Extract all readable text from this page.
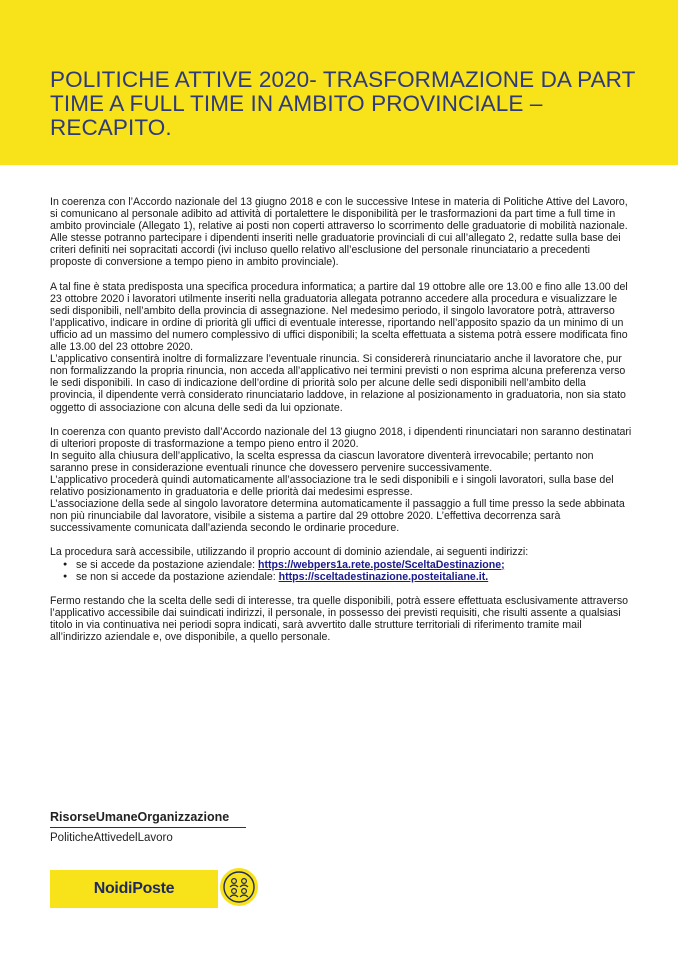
POLITICHE ATTIVE 2020- TRASFORMAZIONE DA PART TIME A FULL TIME IN AMBITO PROVINCIALE – RECAPITO.

In coerenza con l’Accordo nazionale del 13 giugno 2018 e con le successive Intese in materia di Politiche Attive del Lavoro, si comunicano al personale adibito ad attività di portalettere le disponibilità per le trasformazioni da part time a full time in ambito provinciale (Allegato 1), relative ai posti non coperti attraverso lo scorrimento delle graduatorie di mobilità nazionale. Alle stesse potranno partecipare i dipendenti inseriti nelle graduatorie provinciali di cui all’allegato 2, redatte sulla base dei criteri definiti nei sopracitati accordi (ivi incluso quello relativo all’esclusione del personale rinunciatario a precedenti proposte di conversione a tempo pieno in ambito provinciale).

A tal fine è stata predisposta una specifica procedura informatica; a partire dal 19 ottobre alle ore 13.00 e fino alle 13.00 del 23 ottobre 2020 i lavoratori utilmente inseriti nella graduatoria allegata potranno accedere alla procedura e visualizzare le sedi disponibili, nell’ambito della provincia di assegnazione. Nel medesimo periodo, il singolo lavoratore potrà, attraverso l’applicativo, indicare in ordine di priorità gli uffici di eventuale interesse, riportando nell’apposito spazio da un minimo di un ufficio ad un massimo del numero complessivo di uffici disponibili; la scelta effettuata a sistema potrà essere modificata fino alle 13.00 del 23 ottobre 2020.

L’applicativo consentirà inoltre di formalizzare l’eventuale rinuncia. Si considererà rinunciatario anche il lavoratore che, pur non formalizzando la propria rinuncia, non acceda all’applicativo nei termini previsti o non esprima alcuna preferenza verso le sedi disponibili. In caso di indicazione dell’ordine di priorità solo per alcune delle sedi disponibili nell’ambito della provincia, il dipendente verrà considerato rinunciatario laddove, in relazione al posizionamento in graduatoria, non sia stato oggetto di associazione con alcuna delle sedi da lui opzionate.

In coerenza con quanto previsto dall’Accordo nazionale del 13 giugno 2018, i dipendenti rinunciatari non saranno destinatari di ulteriori proposte di trasformazione a tempo pieno entro il 2020.

In seguito alla chiusura dell’applicativo, la scelta espressa da ciascun lavoratore diventerà irrevocabile; pertanto non saranno prese in considerazione eventuali rinunce che dovessero pervenire successivamente.

L’applicativo procederà quindi automaticamente all’associazione tra le sedi disponibili e i singoli lavoratori, sulla base del relativo posizionamento in graduatoria e delle priorità dai medesimi espresse.

L’associazione della sede al singolo lavoratore determina automaticamente il passaggio a full time presso la sede abbinata non più rinunciabile dal lavoratore, visibile a sistema a partire dal 29 ottobre 2020. L’effettiva decorrenza sarà successivamente comunicata dall’azienda secondo le ordinarie procedure.

La procedura sarà accessibile, utilizzando il proprio account di dominio aziendale, ai seguenti indirizzi:

● se si accede da postazione aziendale: https://webpers1a.rete.poste/SceltaDestinazione;
● se non si accede da postazione aziendale: https://sceltadestinazione.posteitaliane.it.

Fermo restando che la scelta delle sedi di interesse, tra quelle disponibili, potrà essere effettuata esclusivamente attraverso l’applicativo accessibile dai suindicati indirizzi, il personale, in possesso dei previsti requisiti, che risulti assente a qualsiasi titolo in via continuativa nei periodi sopra indicati, sarà avvertito dalle strutture territoriali di riferimento tramite mail all’indirizzo aziendale e, ove disponibile, a quello personale.

RisorseUmaneOrganizzazione
PoliticheAttivedelLavoro
NoidiPoste
